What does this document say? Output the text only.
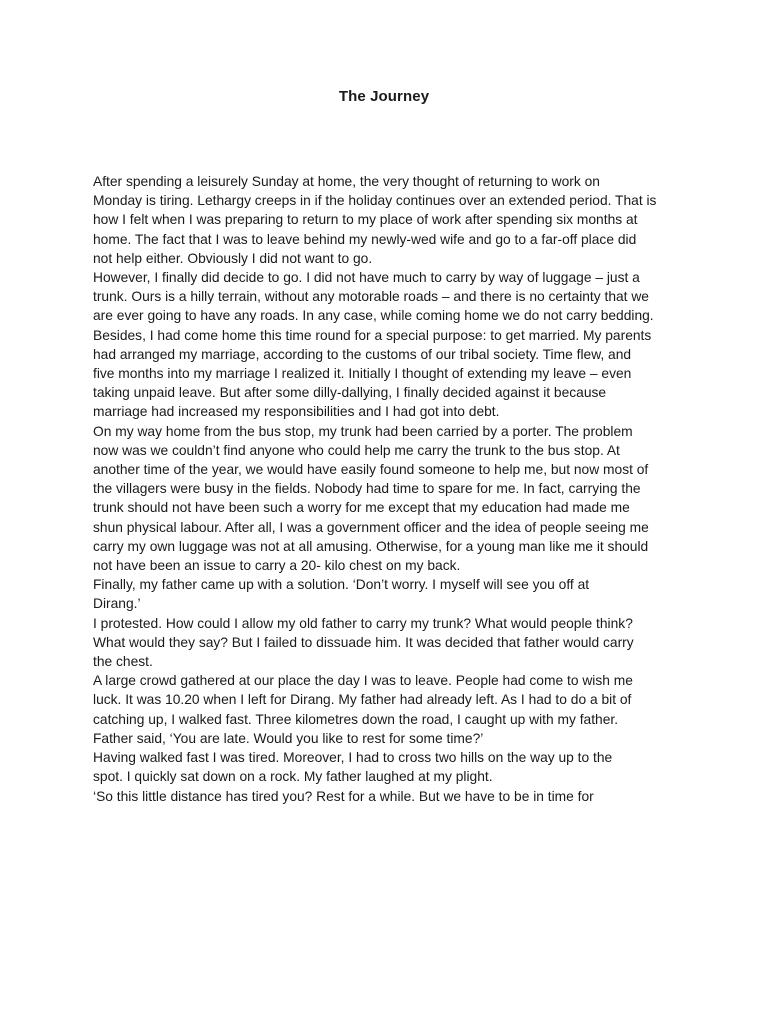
The Journey

After spending a leisurely Sunday at home, the very thought of returning to work on
Monday is tiring. Lethargy creeps in if the holiday continues over an extended period. That is
how I felt when I was preparing to return to my place of work after spending six months at
home. The fact that I was to leave behind my newly-wed wife and go to a far-off place did
not help either. Obviously I did not want to go.

However, I finally did decide to go. I did not have much to carry by way of luggage – just a
trunk. Ours is a hilly terrain, without any motorable roads – and there is no certainty that we
are ever going to have any roads. In any case, while coming home we do not carry bedding.
Besides, I had come home this time round for a special purpose: to get married. My parents
had arranged my marriage, according to the customs of our tribal society. Time flew, and
five months into my marriage I realized it. Initially I thought of extending my leave – even
taking unpaid leave. But after some dilly-dallying, I finally decided against it because
marriage had increased my responsibilities and I had got into debt.

On my way home from the bus stop, my trunk had been carried by a porter. The problem
now was we couldn’t find anyone who could help me carry the trunk to the bus stop. At
another time of the year, we would have easily found someone to help me, but now most of
the villagers were busy in the fields. Nobody had time to spare for me. In fact, carrying the
trunk should not have been such a worry for me except that my education had made me
shun physical labour. After all, I was a government officer and the idea of people seeing me
carry my own luggage was not at all amusing. Otherwise, for a young man like me it should
not have been an issue to carry a 20- kilo chest on my back.

Finally, my father came up with a solution. ‘Don’t worry. I myself will see you off at

Dirang.’

I protested. How could I allow my old father to carry my trunk? What would people think?

What would they say? But I failed to dissuade him. It was decided that father would carry
the chest.

A large crowd gathered at our place the day I was to leave. People had come to wish me

luck. It was 10.20 when I left for Dirang. My father had already left. As I had to do a bit of

catching up, I walked fast. Three kilometres down the road, I caught up with my father.
Father said, ‘You are late. Would you like to rest for some time?’

Having walked fast I was tired. Moreover, I had to cross two hills on the way up to the

spot. I quickly sat down on a rock. My father laughed at my plight.

‘So this little distance has tired you? Rest for a while. But we have to be in time for
